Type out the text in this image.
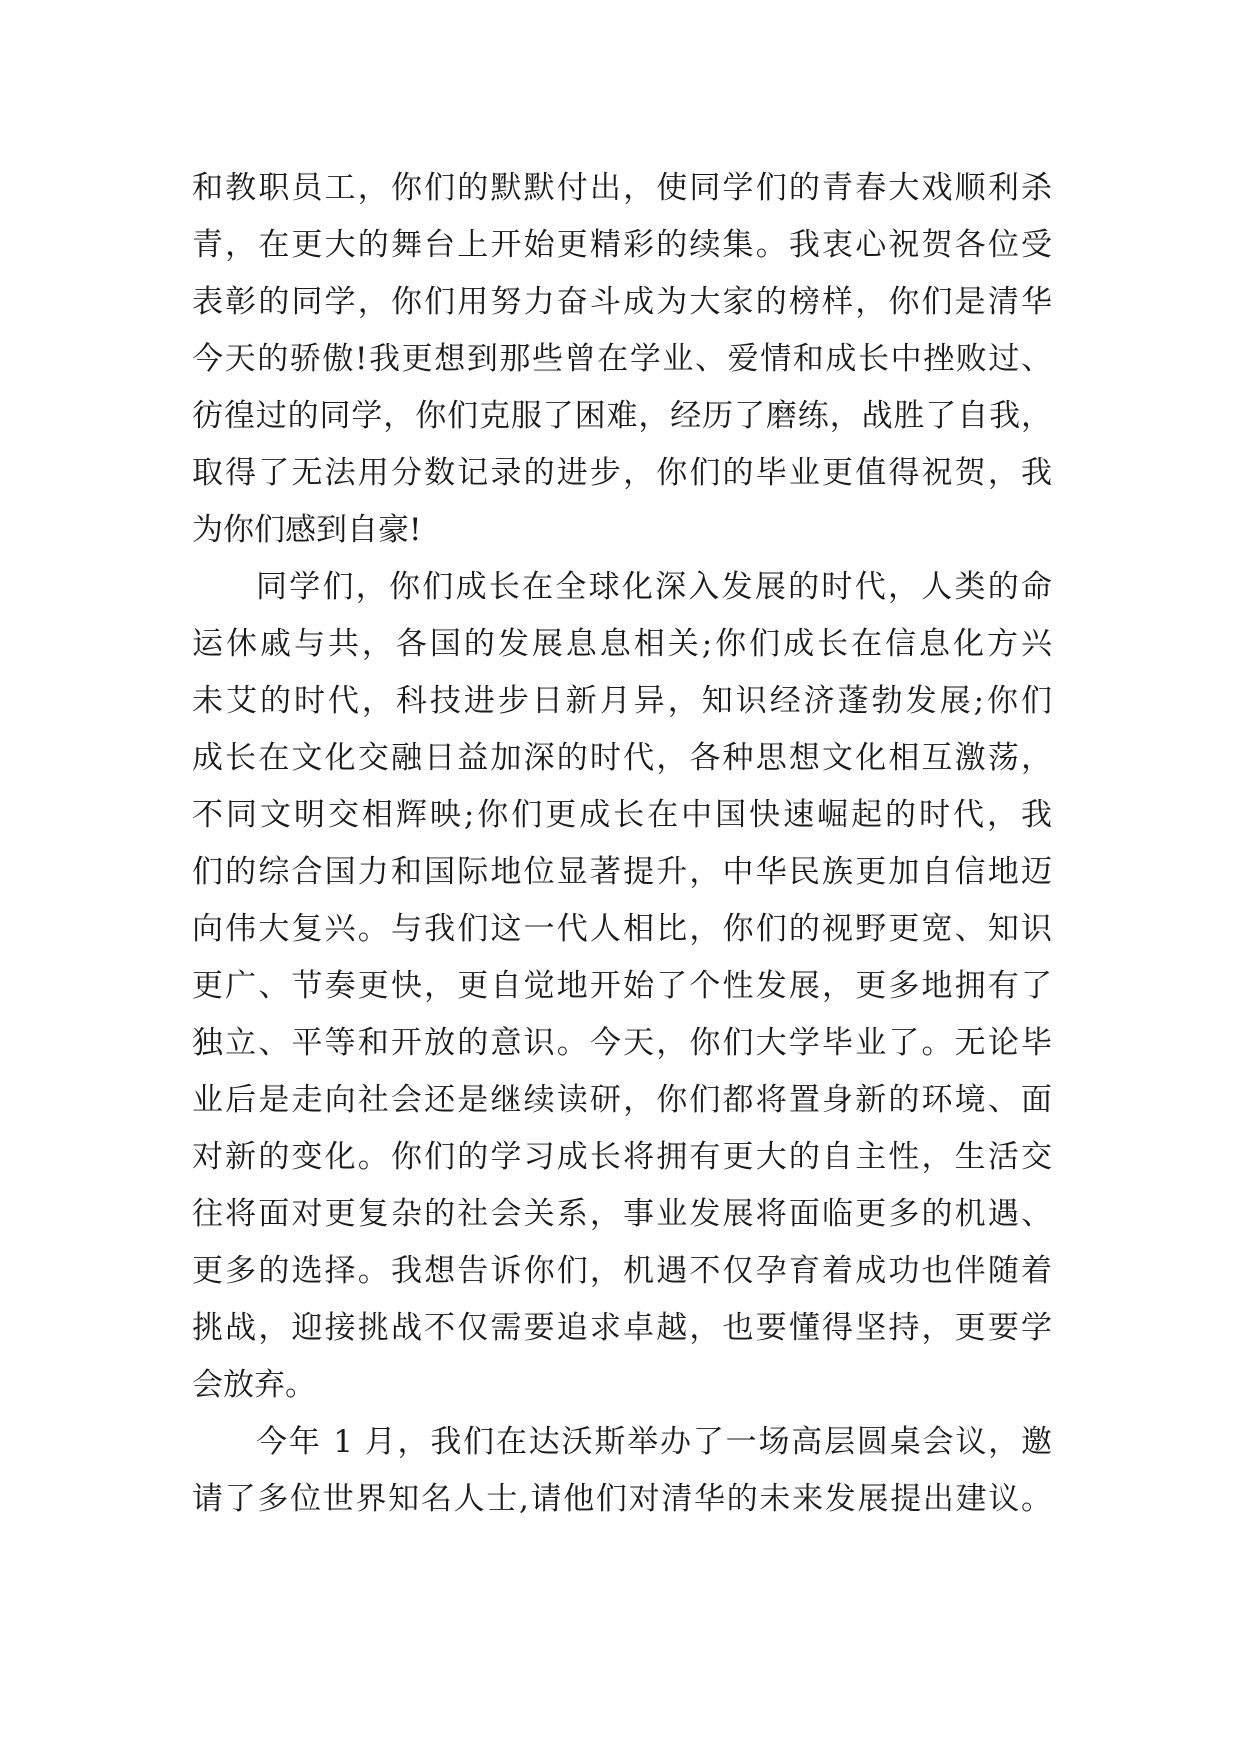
和教职员工，你们的默默付出，使同学们的青春大戏顺利杀
青，在更大的舞台上开始更精彩的续集。我衷心祝贺各位受
表彰的同学，你们用努力奋斗成为大家的榜样，你们是清华
今天的骄傲!我更想到那些曾在学业、爱情和成长中挫败过、
彷徨过的同学，你们克服了困难，经历了磨练，战胜了自我，
取得了无法用分数记录的进步，你们的毕业更值得祝贺，我
为你们感到自豪!
同学们，你们成长在全球化深入发展的时代，人类的命
运休戚与共，各国的发展息息相关;你们成长在信息化方兴
未艾的时代，科技进步日新月异，知识经济蓬勃发展;你们
成长在文化交融日益加深的时代，各种思想文化相互激荡，
不同文明交相辉映;你们更成长在中国快速崛起的时代，我
们的综合国力和国际地位显著提升，中华民族更加自信地迈
向伟大复兴。与我们这一代人相比，你们的视野更宽、知识
更广、节奏更快，更自觉地开始了个性发展，更多地拥有了
独立、平等和开放的意识。今天，你们大学毕业了。无论毕
业后是走向社会还是继续读研，你们都将置身新的环境、面
对新的变化。你们的学习成长将拥有更大的自主性，生活交
往将面对更复杂的社会关系，事业发展将面临更多的机遇、
更多的选择。我想告诉你们，机遇不仅孕育着成功也伴随着
挑战，迎接挑战不仅需要追求卓越，也要懂得坚持，更要学
会放弃。
今年 1 月，我们在达沃斯举办了一场高层圆桌会议，邀
请了多位世界知名人士,请他们对清华的未来发展提出建议。
